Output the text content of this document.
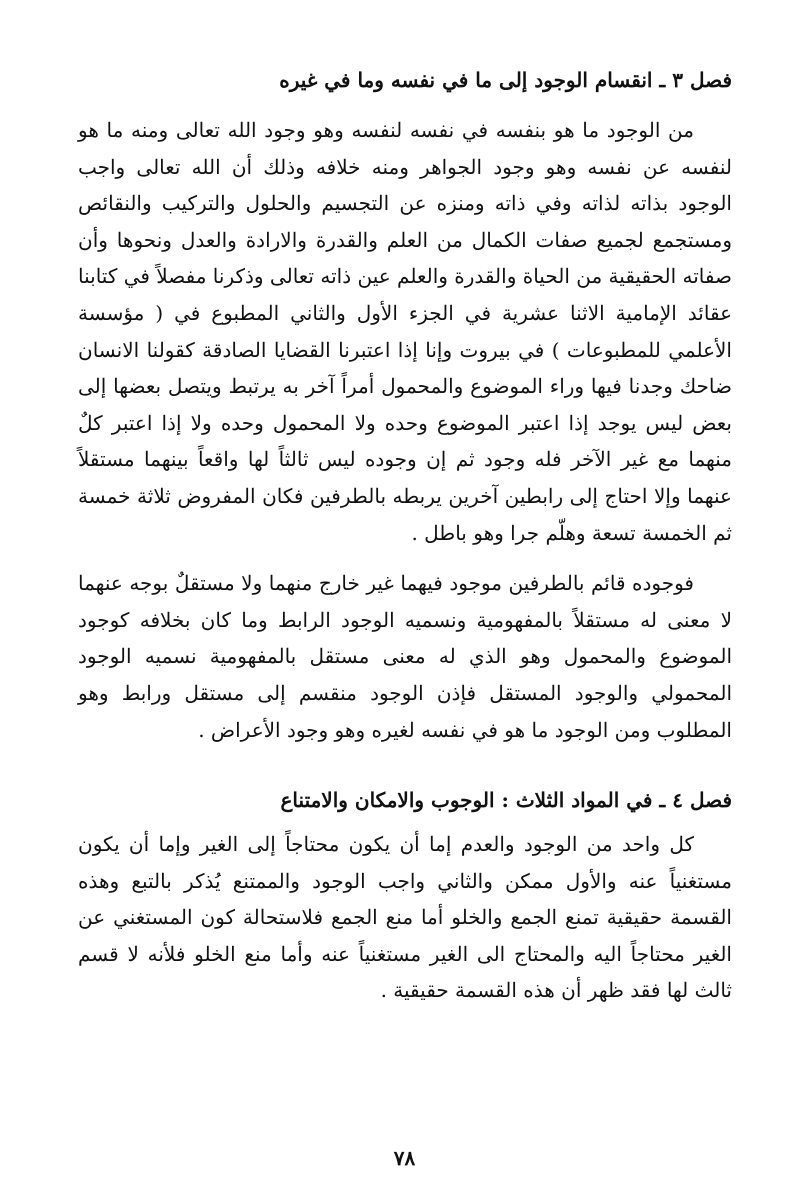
فصل ٣ ـ انقسام الوجود إلى ما في نفسه وما في غيره

من الوجود ما هو بنفسه في نفسه لنفسه وهو وجود الله تعالى ومنه ما هو لنفسه عن نفسه وهو وجود الجواهر ومنه خلافه وذلك أن الله تعالى واجب الوجود بذاته لذاته وفي ذاته ومنزه عن التجسيم والحلول والتركيب والنقائص ومستجمع لجميع صفات الكمال من العلم والقدرة والارادة والعدل ونحوها وأن صفاته الحقيقية من الحياة والقدرة والعلم عين ذاته تعالى وذكرنا مفصلاً في كتابنا عقائد الإمامية الاثنا عشرية في الجزء الأول والثاني المطبوع في ( مؤسسة الأعلمي للمطبوعات ) في بيروت وإنا إذا اعتبرنا القضايا الصادقة كقولنا الانسان ضاحك وجدنا فيها وراء الموضوع والمحمول أمراً آخر به يرتبط ويتصل بعضها إلى بعض ليس يوجد إذا اعتبر الموضوع وحده ولا المحمول وحده ولا إذا اعتبر كلٌ منهما مع غير الآخر فله وجود ثم إن وجوده ليس ثالثاً لها واقعاً بينهما مستقلاً عنهما وإلا احتاج إلى رابطين آخرين يربطه بالطرفين فكان المفروض ثلاثة خمسة ثم الخمسة تسعة وهلّم جرا وهو باطل .

فوجوده قائم بالطرفين موجود فيهما غير خارج منهما ولا مستقلٌ بوجه عنهما لا معنى له مستقلاً بالمفهومية ونسميه الوجود الرابط وما كان بخلافه كوجود الموضوع والمحمول وهو الذي له معنى مستقل بالمفهومية نسميه الوجود المحمولي والوجود المستقل فإذن الوجود منقسم إلى مستقل ورابط وهو المطلوب ومن الوجود ما هو في نفسه لغيره وهو وجود الأعراض .

فصل ٤ ـ في المواد الثلاث : الوجوب والامكان والامتناع

كل واحد من الوجود والعدم إما أن يكون محتاجاً إلى الغير وإما أن يكون مستغنياً عنه والأول ممكن والثاني واجب الوجود والممتنع يُذكر بالتبع وهذه القسمة حقيقية تمنع الجمع والخلو أما منع الجمع فلاستحالة كون المستغني عن الغير محتاجاً اليه والمحتاج الى الغير مستغنياً عنه وأما منع الخلو فلأنه لا قسم ثالث لها فقد ظهر أن هذه القسمة حقيقية .

٧٨
